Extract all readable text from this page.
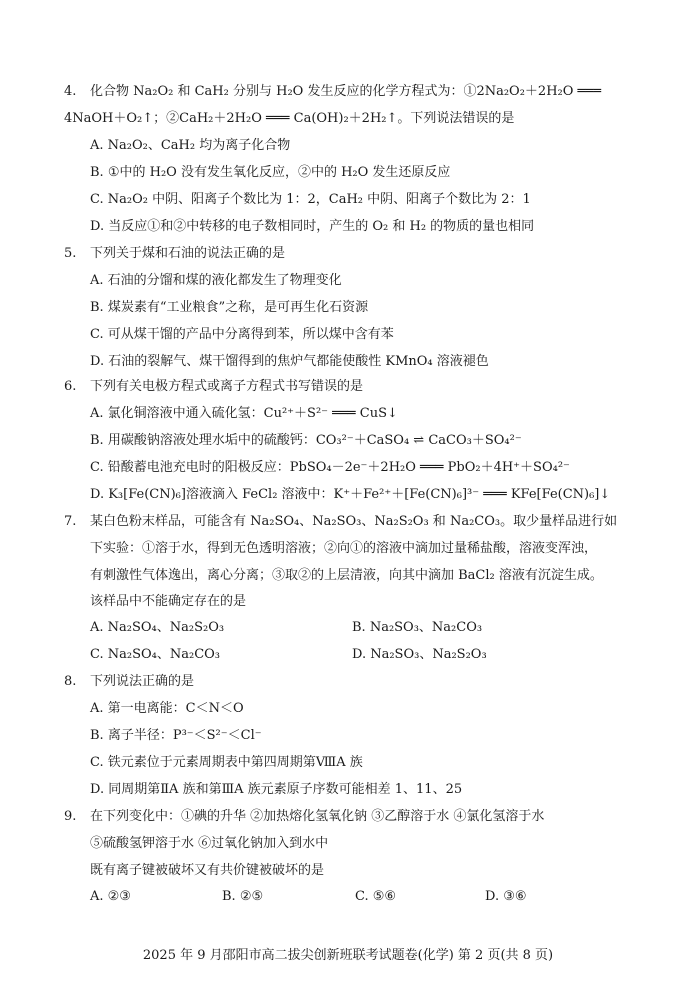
4. 化合物 Na₂O₂ 和 CaH₂ 分别与 H₂O 发生反应的化学方程式为：①2Na₂O₂＋2H₂O ═══
4NaOH＋O₂↑；②CaH₂＋2H₂O ═══ Ca(OH)₂＋2H₂↑。下列说法错误的是
A. Na₂O₂、CaH₂ 均为离子化合物
B. ①中的 H₂O 没有发生氧化反应，②中的 H₂O 发生还原反应
C. Na₂O₂ 中阴、阳离子个数比为 1：2，CaH₂ 中阴、阳离子个数比为 2：1
D. 当反应①和②中转移的电子数相同时，产生的 O₂ 和 H₂ 的物质的量也相同
5. 下列关于煤和石油的说法正确的是
A. 石油的分馏和煤的液化都发生了物理变化
B. 煤炭素有“工业粮食”之称，是可再生化石资源
C. 可从煤干馏的产品中分离得到苯，所以煤中含有苯
D. 石油的裂解气、煤干馏得到的焦炉气都能使酸性 KMnO₄ 溶液褪色
6. 下列有关电极方程式或离子方程式书写错误的是
A. 氯化铜溶液中通入硫化氢：Cu²⁺＋S²⁻ ═══ CuS↓
B. 用碳酸钠溶液处理水垢中的硫酸钙：CO₃²⁻＋CaSO₄ ⇌ CaCO₃＋SO₄²⁻
C. 铅酸蓄电池充电时的阳极反应：PbSO₄－2e⁻＋2H₂O ═══ PbO₂＋4H⁺＋SO₄²⁻
D. K₃[Fe(CN)₆]溶液滴入 FeCl₂ 溶液中：K⁺＋Fe²⁺＋[Fe(CN)₆]³⁻ ═══ KFe[Fe(CN)₆]↓
7. 某白色粉末样品，可能含有 Na₂SO₄、Na₂SO₃、Na₂S₂O₃ 和 Na₂CO₃。取少量样品进行如
下实验：①溶于水，得到无色透明溶液；②向①的溶液中滴加过量稀盐酸，溶液变浑浊，
有刺激性气体逸出，离心分离；③取②的上层清液，向其中滴加 BaCl₂ 溶液有沉淀生成。
该样品中不能确定存在的是
A. Na₂SO₄、Na₂S₂O₃	B. Na₂SO₃、Na₂CO₃
C. Na₂SO₄、Na₂CO₃	D. Na₂SO₃、Na₂S₂O₃
8. 下列说法正确的是
A. 第一电离能：C＜N＜O
B. 离子半径：P³⁻＜S²⁻＜Cl⁻
C. 铁元素位于元素周期表中第四周期第ⅧA 族
D. 同周期第ⅡA 族和第ⅢA 族元素原子序数可能相差 1、11、25
9. 在下列变化中：①碘的升华 ②加热熔化氢氧化钠 ③乙醇溶于水 ④氯化氢溶于水
⑤硫酸氢钾溶于水 ⑥过氧化钠加入到水中
既有离子键被破坏又有共价键被破坏的是
A. ②③	B. ②⑤	C. ⑤⑥	D. ③⑥
2025 年 9 月邵阳市高二拔尖创新班联考试题卷(化学) 第 2 页(共 8 页)
